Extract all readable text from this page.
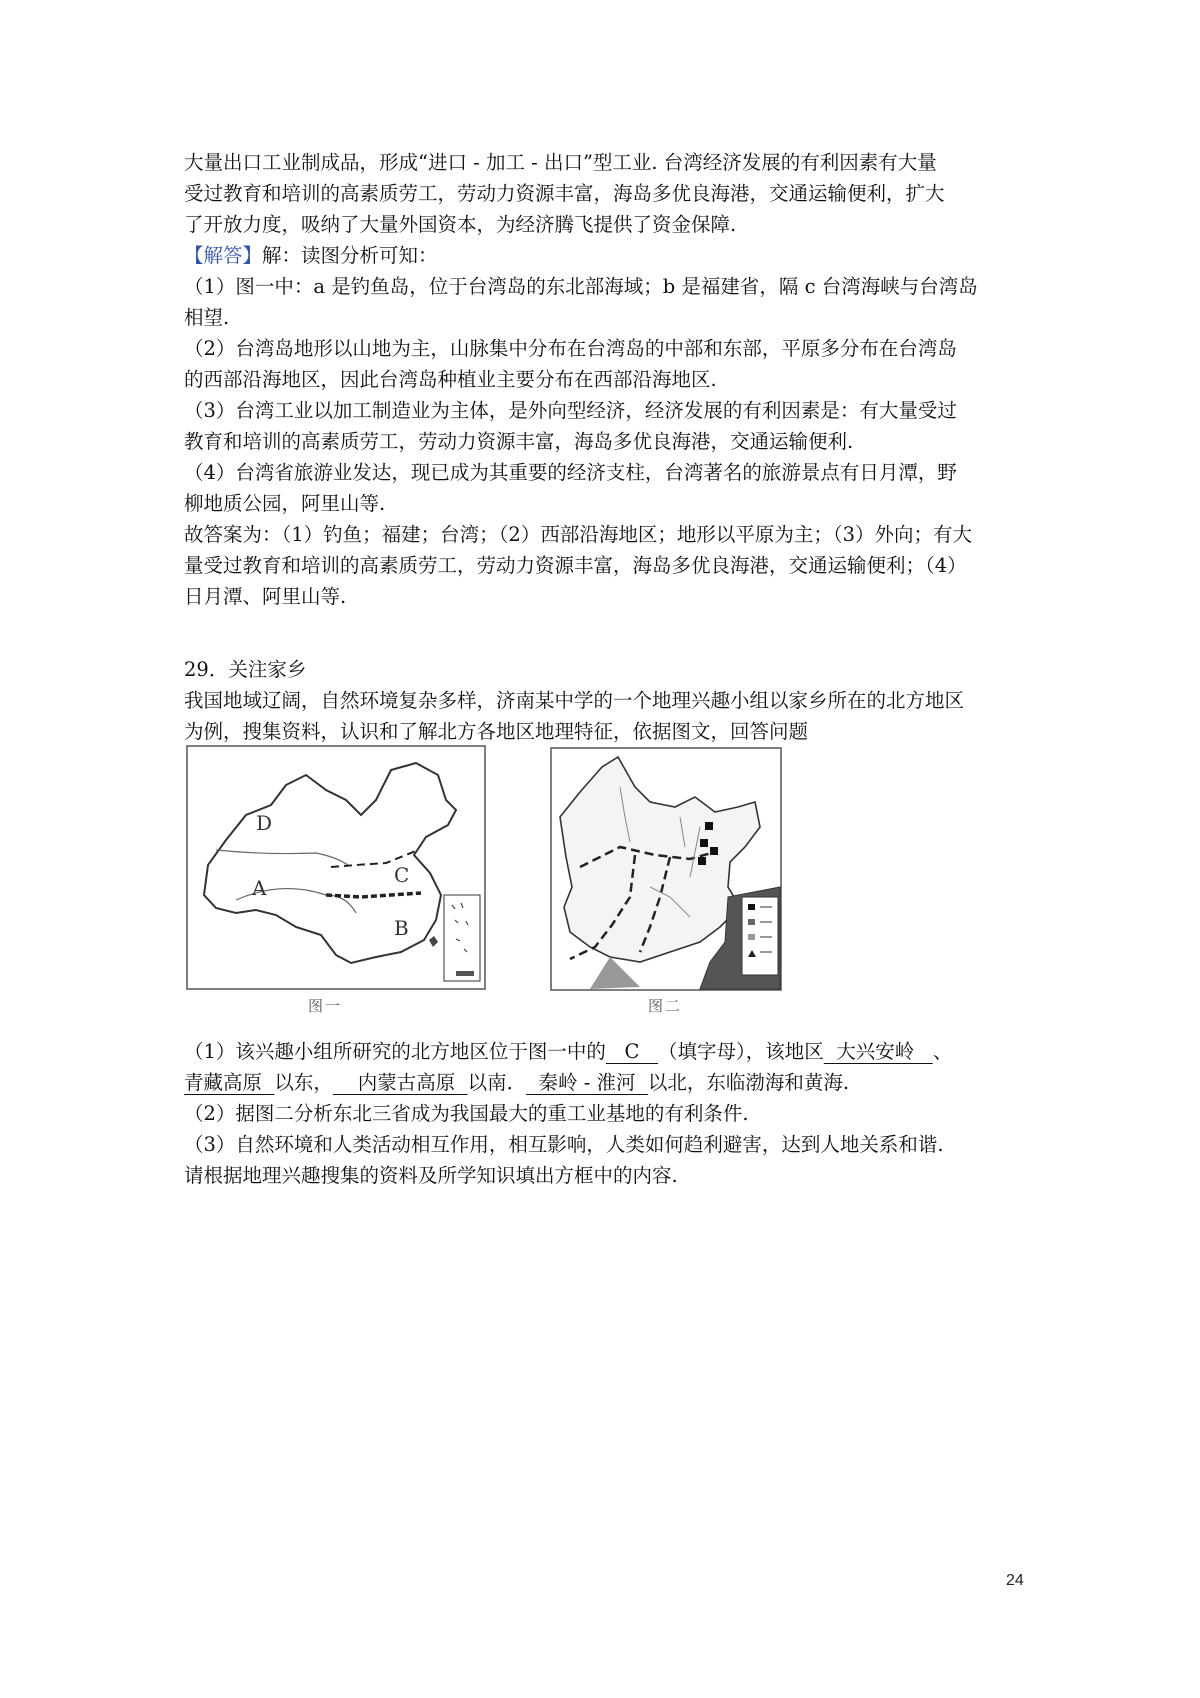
大量出口工业制成品，形成“进口 - 加工 - 出口”型工业. 台湾经济发展的有利因素有大量
受过教育和培训的高素质劳工，劳动力资源丰富，海岛多优良海港，交通运输便利，扩大
了开放力度，吸纳了大量外国资本，为经济腾飞提供了资金保障.
【解答】解：读图分析可知：
（1）图一中：a 是钓鱼岛，位于台湾岛的东北部海域；b 是福建省，隔 c 台湾海峡与台湾岛
相望.
（2）台湾岛地形以山地为主，山脉集中分布在台湾岛的中部和东部，平原多分布在台湾岛
的西部沿海地区，因此台湾岛种植业主要分布在西部沿海地区.
（3）台湾工业以加工制造业为主体，是外向型经济，经济发展的有利因素是：有大量受过
教育和培训的高素质劳工，劳动力资源丰富，海岛多优良海港，交通运输便利.
（4）台湾省旅游业发达，现已成为其重要的经济支柱，台湾著名的旅游景点有日月潭，野
柳地质公园，阿里山等.
故答案为：（1）钓鱼；福建；台湾；（2）西部沿海地区；地形以平原为主；（3）外向；有大
量受过教育和培训的高素质劳工，劳动力资源丰富，海岛多优良海港，交通运输便利；（4）
日月潭、阿里山等.
29．关注家乡
我国地域辽阔，自然环境复杂多样，济南某中学的一个地理兴趣小组以家乡所在的北方地区
为例，搜集资料，认识和了解北方各地区地理特征，依据图文，回答问题
D
A
C
B
图一	图二
（1）该兴趣小组所研究的北方地区位于图一中的   C   （填字母），该地区  大兴安岭   、
青藏高原  以东，    内蒙古高原  以南．  秦岭 - 淮河  以北，东临渤海和黄海.
（2）据图二分析东北三省成为我国最大的重工业基地的有利条件.
（3）自然环境和人类活动相互作用，相互影响，人类如何趋利避害，达到人地关系和谐.
请根据地理兴趣搜集的资料及所学知识填出方框中的内容.
24
